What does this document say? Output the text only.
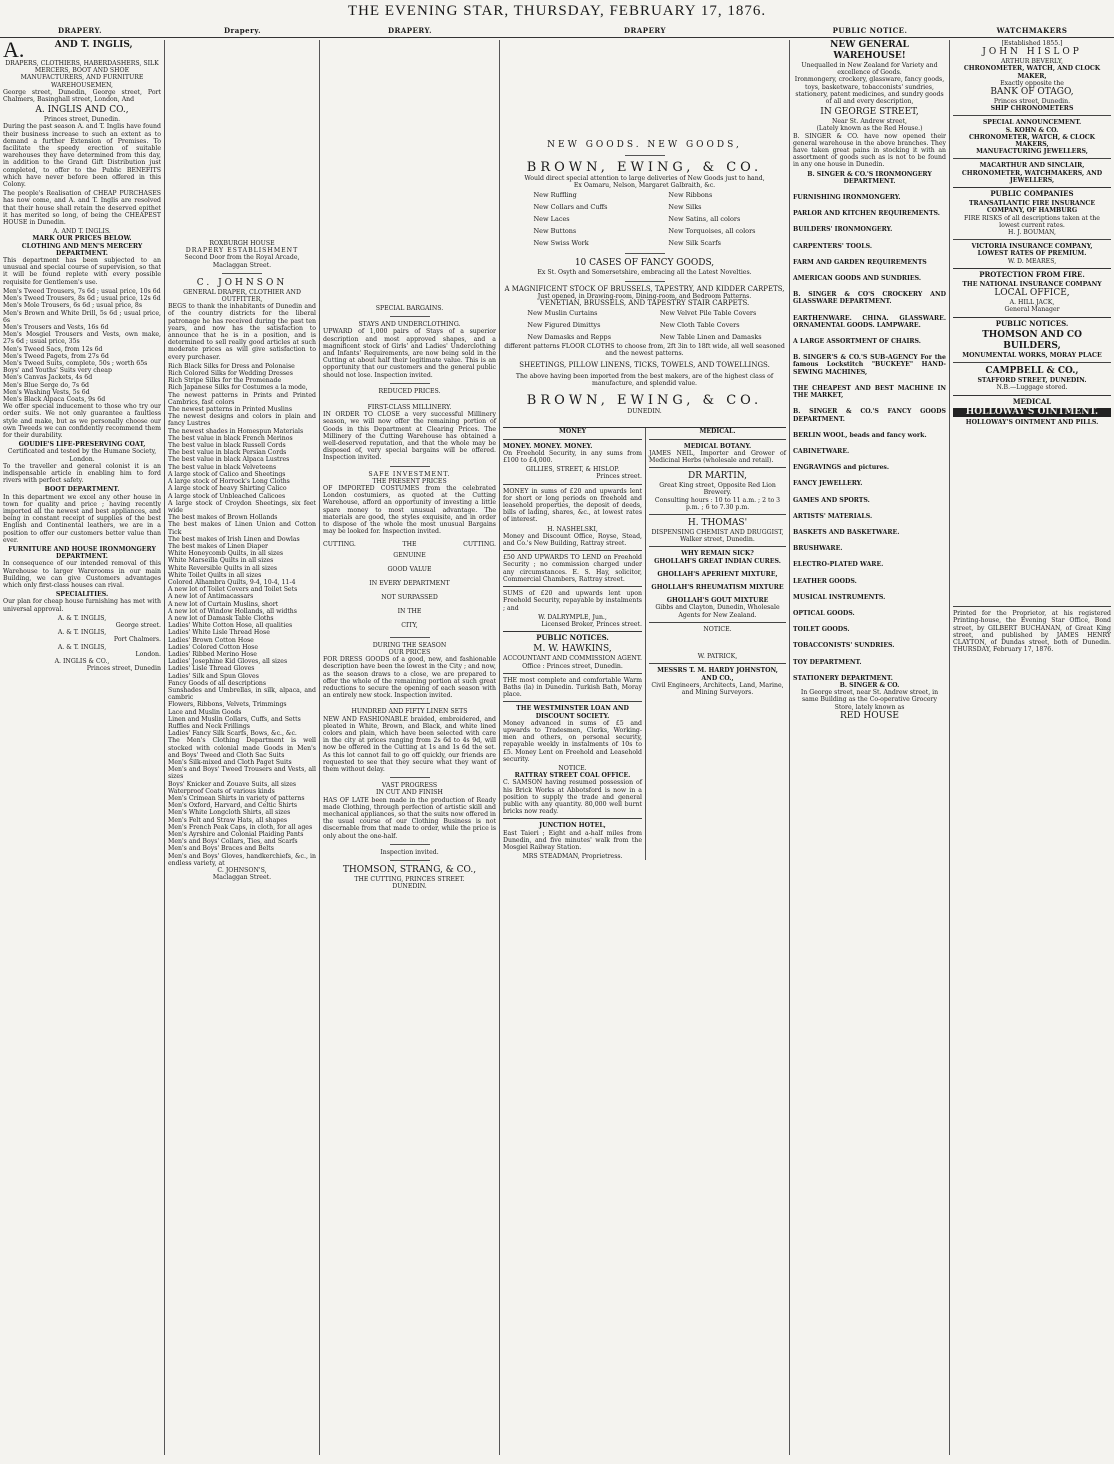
THE EVENING STAR, THURSDAY, FEBRUARY 17, 1876.
DRAPERY.	Drapery.	DRAPERY.	DRAPERY	PUBLIC NOTICE.	WATCHMAKERS
A.	AND T. INGLIS,
DRAPERS, CLOTHIERS, HABERDASHERS, SILK MERCERS, BOOT AND SHOE MANUFACTURERS, AND FURNITURE WAREHOUSEMEN,

George street, Dunedin, George street, Port Chalmers, Basinghall street, London, And

A. INGLIS AND CO.,
Princes street, Dunedin.

During the past season A. and T. Inglis have found their business increase to such an extent as to demand a further Extension of Premises. To facilitate the speedy erection of suitable warehouses they have determined from this day, in addition to the Grand Gift Distribution just completed, to offer to the Public BENEFITS which have never before been offered in this Colony.

The people's Realisation of CHEAP PURCHASES has now come, and A. and T. Inglis are resolved that their house shall retain the deserved epithet it has merited so long, of being the CHEAPEST HOUSE in Dunedin.

A. AND T. INGLIS.
MARK OUR PRICES BELOW.
CLOTHING AND MEN'S MERCERY DEPARTMENT.

This department has been subjected to an unusual and special course of supervision, so that it will be found replete with every possible requisite for Gentlemen's use.

Men's Tweed Trousers, 7s 6d ; usual price, 10s 6d
Men's Tweed Trousers, 8s 6d ; usual price, 12s 6d
Men's Mole Trousers, 6s 6d ; usual price, 8s
Men's Brown and White Drill, 5s 6d ; usual price, 6s
Men's Trousers and Vests, 16s 6d
Men's Mosgiel Trousers and Vests, own make, 27s 6d ; usual price, 35s
Men's Tweed Sacs, from 12s 6d
Men's Tweed Pagets, from 27s 6d
Men's Tweed Suits, complete, 50s ; worth 65s
Boys' and Youths' Suits very cheap
Men's Canvas Jackets, 4s 6d
Men's Blue Serge do, 7s 6d
Men's Washing Vests, 5s 6d
Men's Black Alpaca Coats, 9s 6d

We offer special inducement to those who try our order suits. We not only guarantee a faultless style and make, but as we personally choose our own Tweeds we can confidently recommend them for their durability.

GOUDIE'S LIFE-PRESERVING COAT,
Certificated and tested by the Humane Society, London.

To the traveller and general colonist it is an indispensable article in enabling him to ford rivers with perfect safety.

BOOT DEPARTMENT.

In this department we excel any other house in town for quality and price ; having recently imported all the newest and best appliances, and being in constant receipt of supplies of the best English and Continental leathers, we are in a position to offer our customers better value than ever.

FURNITURE AND HOUSE IRONMONGERY DEPARTMENT.

In consequence of our intended removal of this Warehouse to larger Warerooms in our main Building, we can give Customers advantages which only first-class houses can rival.

SPECIALITIES.

Our plan for cheap house furnishing has met with universal approval.

A. & T. INGLIS,
George street.
A. & T. INGLIS,
Port Chalmers.
A. & T. INGLIS,
London.
A. INGLIS & CO.,
Princes street, Dunedin
ROXBURGH HOUSE
DRAPERY ESTABLISHMENT
Second Door from the Royal Arcade,
Maclaggan Street.
C. JOHNSON
GENERAL DRAPER, CLOTHIER AND OUTFITTER,

BEGS to thank the inhabitants of Dunedin and of the country districts for the liberal patronage he has received during the past ten years, and now has the satisfaction to announce that he is in a position, and is determined to sell really good articles at such moderate prices as will give satisfaction to every purchaser.

Rich Black Silks for Dress and Polonaise
Rich Colored Silks for Wedding Dresses
Rich Stripe Silks for the Promenade
Rich Japanese Silks for Costumes a la mode,
The newest patterns in Prints and Printed Cambrics, fast colors
The newest patterns in Printed Muslins
The newest designs and colors in plain and fancy Lustres
The newest shades in Homespun Materials
The best value in black French Merinos
The best value in black Russell Cords
The best value in black Persian Cords
The best value in black Alpaca Lustres
The best value in black Velveteens
A large stock of Calico and Sheetings
A large stock of Horrock's Long Cloths
A large stock of heavy Shirting Calico
A large stock of Unbleached Calicoes
A large stock of Croydon Sheetings, six feet wide
The best makes of Brown Hollands
The best makes of Linen Union and Cotton Tick
The best makes of Irish Linen and Dowlas
The best makes of Linen Diaper
White Honeycomb Quilts, in all sizes
White Marseilla Quilts in all sizes
White Reversible Quilts in all sizes
White Toilet Quilts in all sizes
Colored Alhambra Quilts, 9-4, 10-4, 11-4
A new lot of Toilet Covers and Toilet Sets
A new lot of Antimacassars
A new lot of Curtain Muslins, short
A new lot of Window Hollands, all widths
A new lot of Damask Table Cloths
Ladies' White Cotton Hose, all qualities
Ladies' White Lisle Thread Hose
Ladies' Brown Cotton Hose
Ladies' Colored Cotton Hose
Ladies' Ribbed Merino Hose
Ladies' Josephine Kid Gloves, all sizes
Ladies' Lisle Thread Gloves
Ladies' Silk and Spun Gloves
Fancy Goods of all descriptions
Sunshades and Umbrellas, in silk, alpaca, and cambric
Flowers, Ribbons, Velvets, Trimmings
Lace and Muslin Goods
Linen and Muslin Collars, Cuffs, and Setts
Ruffles and Neck Frillings
Ladies' Fancy Silk Scarfs, Bows, &c., &c.
The Men's Clothing Department is well stocked with colonial made Goods in Men's and Boys' Tweed and Cloth Sac Suits
Men's Silk-mixed and Cloth Paget Suits
Men's and Boys' Tweed Trousers and Vests, all sizes
Boys' Knicker and Zouave Suits, all sizes
Waterproof Coats of various kinds
Men's Crimean Shirts in variety of patterns
Men's Oxford, Harvard, and Celtic Shirts
Men's White Longcloth Shirts, all sizes
Men's Felt and Straw Hats, all shapes
Men's French Peak Caps, in cloth, for all ages
Men's Ayrshire and Colonial Plaiding Pants
Men's and Boys' Collars, Ties, and Scarfs
Men's and Boys' Braces and Belts
Men's and Boys' Gloves, handkerchiefs, &c., in endless variety, at
C. JOHNSON'S,
Maclaggan Street.
SPECIAL BARGAINS.
STAYS AND UNDERCLOTHING.

UPWARD of 1,000 pairs of Stays of a superior description and most approved shapes, and a magnificent stock of Girls' and Ladies' Underclothing and Infants' Requirements, are now being sold in the Cutting at about half their legitimate value. This is an opportunity that our customers and the general public should not lose. Inspection invited.

REDUCED PRICES.
FIRST-CLASS MILLINERY.

IN ORDER TO CLOSE a very successful Millinery season, we will now offer the remaining portion of Goods in this Department at Clearing Prices. The Millinery of the Cutting Warehouse has obtained a well-deserved reputation, and that the whole may be disposed of, very special bargains will be offered. Inspection invited.

SAFE INVESTMENT.
THE PRESENT PRICES

OF IMPORTED COSTUMES from the celebrated London costumiers, as quoted at the Cutting Warehouse, afford an opportunity of investing a little spare money to most unusual advantage. The materials are good, the styles exquisite, and in order to dispose of the whole the most unusual Bargains may be looked for. Inspection invited.

CUTTING.	THE	CUTTING.
GENUINE
GOOD VALUE
IN EVERY DEPARTMENT
NOT SURPASSED
IN THE
CITY,
DURING THE SEASON
OUR PRICES

FOR DRESS GOODS of a good, new, and fashionable description have been the lowest in the City ; and now, as the season draws to a close, we are prepared to offer the whole of the remaining portion at such great reductions to secure the opening of each season with an entirely new stock. Inspection invited.

HUNDRED AND FIFTY LINEN SETS

NEW AND FASHIONABLE braided, embroidered, and pleated in White, Brown, and Black, and white lined colors and plain, which have been selected with care in the city at prices ranging from 2s 6d to 4s 9d, will now be offered in the Cutting at 1s and 1s 6d the set. As this lot cannot fail to go off quickly, our friends are requested to see that they secure what they want of them without delay.

VAST PROGRESS
IN CUT AND FINISH

HAS OF LATE been made in the production of Ready made Clothing, through perfection of artistic skill and mechanical appliances, so that the suits now offered in the usual course of our Clothing Business is not discernable from that made to order, while the price is only about the one-half.

Inspection invited.
THOMSON, STRANG, & CO.,
THE CUTTING, PRINCES STREET.
DUNEDIN.
NEW GOODS. NEW GOODS,
BROWN, EWING, & CO.
Would direct special attention to large deliveries of New Goods just to hand,
Ex Oamaru, Nelson, Margaret Galbraith, &c.
New Ruffling
New Collars and Cuffs
New Laces
New Buttons
New Swiss Work
New Ribbons
New Silks
New Satins, all colors
New Torquoises, all colors
New Silk Scarfs
10 CASES OF FANCY GOODS,
Ex St. Osyth and Somersetshire, embracing all the Latest Novelties.
A MAGNIFICENT STOCK OF BRUSSELS, TAPESTRY, AND KIDDER CARPETS,
Just opened, in Drawing-room, Dining-room, and Bedroom Patterns.
VENETIAN, BRUSSELS, AND TAPESTRY STAIR CARPETS.
New Muslin Curtains
New Figured Dimittys
New Damasks and Repps
New Velvet Pile Table Covers
New Cloth Table Covers
New Table Linen and Damasks
different patterns FLOOR CLOTHS to choose from, 2ft 3in to 18ft wide, all well seasoned and the newest patterns.
SHEETINGS, PILLOW LINENS, TICKS, TOWELS, AND TOWELLINGS.
The above having been imported from the best makers, are of the highest class of manufacture, and splendid value.
BROWN, EWING, & CO.
DUNEDIN.
MONEY
MONEY. MONEY. MONEY.

On Freehold Security, in any sums from £100 to £4,000.

GILLIES, STREET, & HISLOP.
Princes street.

MONEY in sums of £20 and upwards lent for short or long periods on freehold and leasehold properties, the deposit of deeds, bills of lading, shares, &c., at lowest rates of interest.

H. NASHELSKI,

Money and Discount Office, Royse, Stead, and Co.'s New Building, Rattray street.

£50 AND UPWARDS TO LEND on Freehold Security ; no commission charged under any circumstances. E. S. Hay, solicitor, Commercial Chambers, Rattray street.

SUMS of £20 and upwards lent upon Freehold Security, repayable by instalments ; and

W. DALRYMPLE, Jun.,
Licensed Broker, Princes street.
PUBLIC NOTICES.
M. W. HAWKINS,
ACCOUNTANT AND COMMISSION AGENT.
Office : Princes street, Dunedin.

THE most complete and comfortable Warm Baths (la) in Dunedin. Turkish Bath, Moray place.

THE WESTMINSTER LOAN AND DISCOUNT SOCIETY.

Money advanced in sums of £5 and upwards to Tradesmen, Clerks, Working-men and others, on personal security, repayable weekly in instalments of 10s to £5. Money Lent on Freehold and Leasehold security.

NOTICE.
RATTRAY STREET COAL OFFICE.

C. SAMSON having resumed possession of his Brick Works at Abbotsford is now in a position to supply the trade and general public with any quantity. 80,000 well burnt bricks now ready.

JUNCTION HOTEL,

East Taieri ; Eight and a-half miles from Dunedin, and five minutes' walk from the Mosgiel Railway Station.

MRS STEADMAN, Proprietress.
MEDICAL.
MEDICAL BOTANY.

JAMES NEIL, Importer and Grower of Medicinal Herbs (wholesale and retail).

DR MARTIN,
Great King street, Opposite Red Lion Brewery.
Consulting hours : 10 to 11 a.m. ; 2 to 3 p.m. ; 6 to 7.30 p.m.
H. THOMAS'
DISPENSING CHEMIST AND DRUGGIST,
Walker street, Dunedin.
WHY REMAIN SICK?
GHOLLAH'S GREAT INDIAN CURES.
GHOLLAH'S APERIENT MIXTURE,
GHOLLAH'S RHEUMATISM MIXTURE
GHOLLAH'S GOUT MIXTURE
Gibbs and Clayton, Dunedin, Wholesale Agents for New Zealand.
NOTICE.
W. PATRICK,
MESSRS T. M. HARDY JOHNSTON, AND CO.,
Civil Engineers, Architects, Land, Marine, and Mining Surveyors.
NEW GENERAL WAREHOUSE!
Unequalled in New Zealand for Variety and excellence of Goods.

Ironmongery, crockery, glassware, fancy goods, toys, basketware, tobacconists' sundries, stationery, patent medicines, and sundry goods of all and every description,

IN GEORGE STREET,
Near St. Andrew street,
(Lately known as the Red House.)

B. SINGER & CO. have now opened their general warehouse in the above branches. They have taken great pains in stocking it with an assortment of goods such as is not to be found in any one house in Dunedin.

B. SINGER & CO.'S IRONMONGERY DEPARTMENT.
FURNISHING IRONMONGERY.
PARLOR AND KITCHEN REQUIREMENTS.
BUILDERS' IRONMONGERY.
CARPENTERS' TOOLS.
FARM AND GARDEN REQUIREMENTS
AMERICAN GOODS AND SUNDRIES.
B. SINGER & CO'S CROCKERY AND GLASSWARE DEPARTMENT.
EARTHENWARE. CHINA. GLASSWARE. ORNAMENTAL GOODS. LAMPWARE.
A LARGE ASSORTMENT OF CHAIRS.
B. SINGER'S & CO.'S SUB-AGENCY For the famous Lockstitch "BUCKEYE" HAND-SEWING MACHINES,
THE CHEAPEST AND BEST MACHINE IN THE MARKET,
B. SINGER & CO.'S FANCY GOODS DEPARTMENT.
BERLIN WOOL, beads and fancy work.
CABINETWARE.
ENGRAVINGS and pictures.
FANCY JEWELLERY.
GAMES AND SPORTS.
ARTISTS' MATERIALS.
BASKETS AND BASKETWARE.
BRUSHWARE.
ELECTRO-PLATED WARE.
LEATHER GOODS.
MUSICAL INSTRUMENTS.
OPTICAL GOODS.
TOILET GOODS.
TOBACCONISTS' SUNDRIES.
TOY DEPARTMENT.
STATIONERY DEPARTMENT.
B. SINGER & CO.
In George street, near St. Andrew street, in same Building as the Co-operative Grocery Store, lately known as
RED HOUSE
[Established 1855.]
JOHN HISLOP
ARTHUR BEVERLY,
CHRONOMETER, WATCH, AND CLOCK MAKER,
Exactly opposite the
BANK OF OTAGO,
Princes street, Dunedin.
SHIP CHRONOMETERS
SPECIAL ANNOUNCEMENT.
S. KOHN & CO.
CHRONOMETER, WATCH, & CLOCK MAKERS,
MANUFACTURING JEWELLERS,
MACARTHUR AND SINCLAIR,
CHRONOMETER, WATCHMAKERS, AND JEWELLERS,
PUBLIC COMPANIES
TRANSATLANTIC FIRE INSURANCE COMPANY, OF HAMBURG
FIRE RISKS of all descriptions taken at the lowest current rates.
H. J. BOUMAN,
VICTORIA INSURANCE COMPANY,
LOWEST RATES OF PREMIUM.
W. D. MEARES,
PROTECTION FROM FIRE.
THE NATIONAL INSURANCE COMPANY
LOCAL OFFICE,
A. HILL JACK,
General Manager
PUBLIC NOTICES.
THOMSON AND CO BUILDERS,
MONUMENTAL WORKS, MORAY PLACE
CAMPBELL & CO.,
STAFFORD STREET, DUNEDIN.
N.B.—Luggage stored.
MEDICAL
HOLLOWAY'S OINTMENT.
HOLLOWAY'S OINTMENT AND PILLS.

Printed for the Proprietor, at his registered Printing-house, the Evening Star Office, Bond street, by GILBERT BUCHANAN, of Great King street, and published by JAMES HENRY CLAYTON, of Dundas street, both of Dunedin. THURSDAY, February 17, 1876.
